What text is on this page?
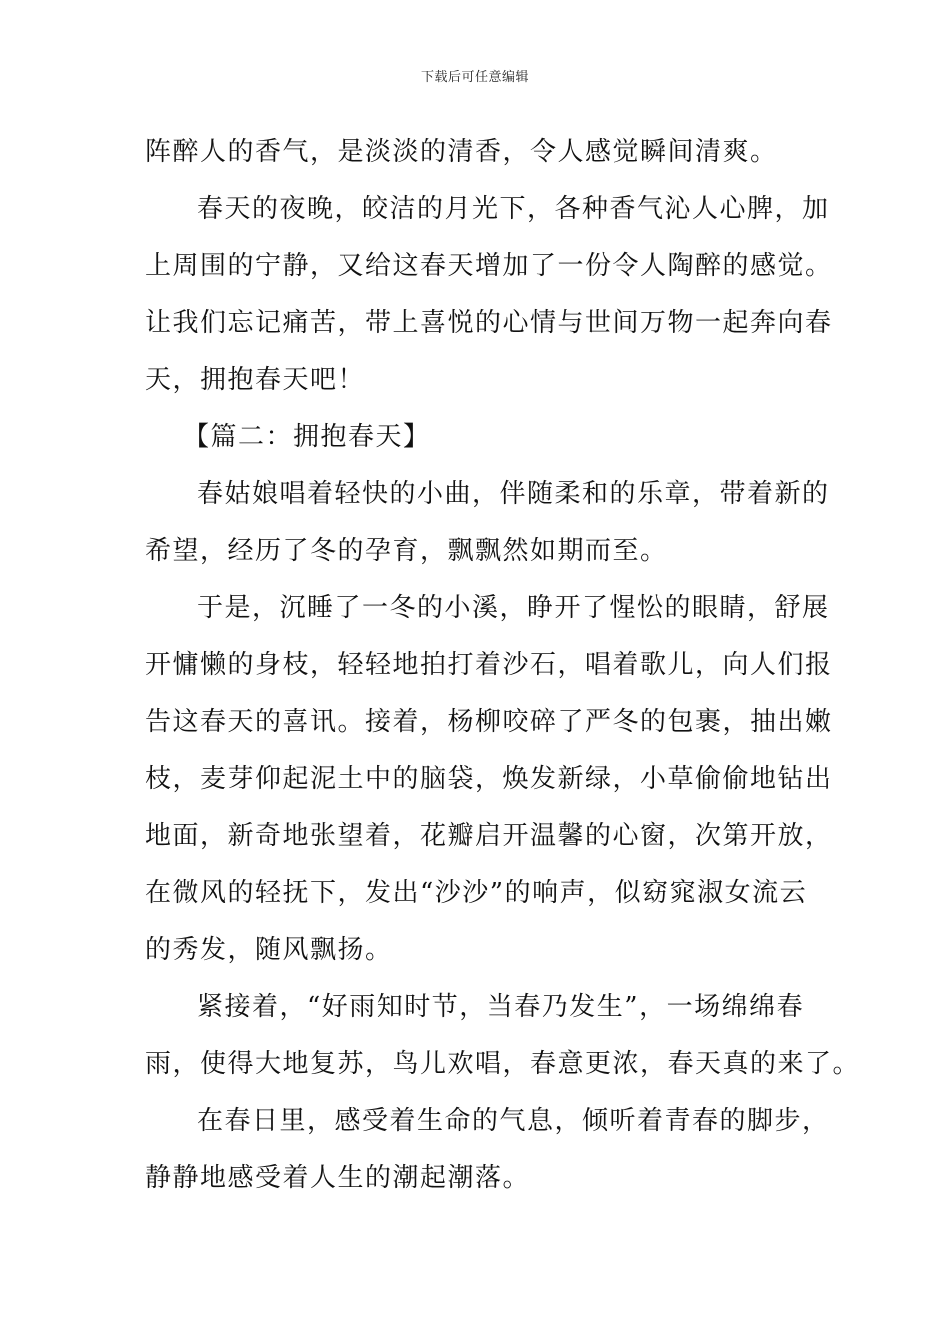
下载后可任意编辑
阵醉人的香气，是淡淡的清香，令人感觉瞬间清爽。
春天的夜晚，皎洁的月光下，各种香气沁人心脾，加
上周围的宁静，又给这春天增加了一份令人陶醉的感觉。
让我们忘记痛苦，带上喜悦的心情与世间万物一起奔向春
天，拥抱春天吧！
【篇二：拥抱春天】
春姑娘唱着轻快的小曲，伴随柔和的乐章，带着新的
希望，经历了冬的孕育，飘飘然如期而至。
于是，沉睡了一冬的小溪，睁开了惺忪的眼睛，舒展
开慵懒的身枝，轻轻地拍打着沙石，唱着歌儿，向人们报
告这春天的喜讯。接着，杨柳咬碎了严冬的包裹，抽出嫩
枝，麦芽仰起泥土中的脑袋，焕发新绿，小草偷偷地钻出
地面，新奇地张望着，花瓣启开温馨的心窗，次第开放，
在微风的轻抚下，发出“沙沙”的响声，似窈窕淑女流云
的秀发，随风飘扬。
紧接着，“好雨知时节，当春乃发生”，一场绵绵春
雨，使得大地复苏，鸟儿欢唱，春意更浓，春天真的来了。
在春日里，感受着生命的气息，倾听着青春的脚步，
静静地感受着人生的潮起潮落。
